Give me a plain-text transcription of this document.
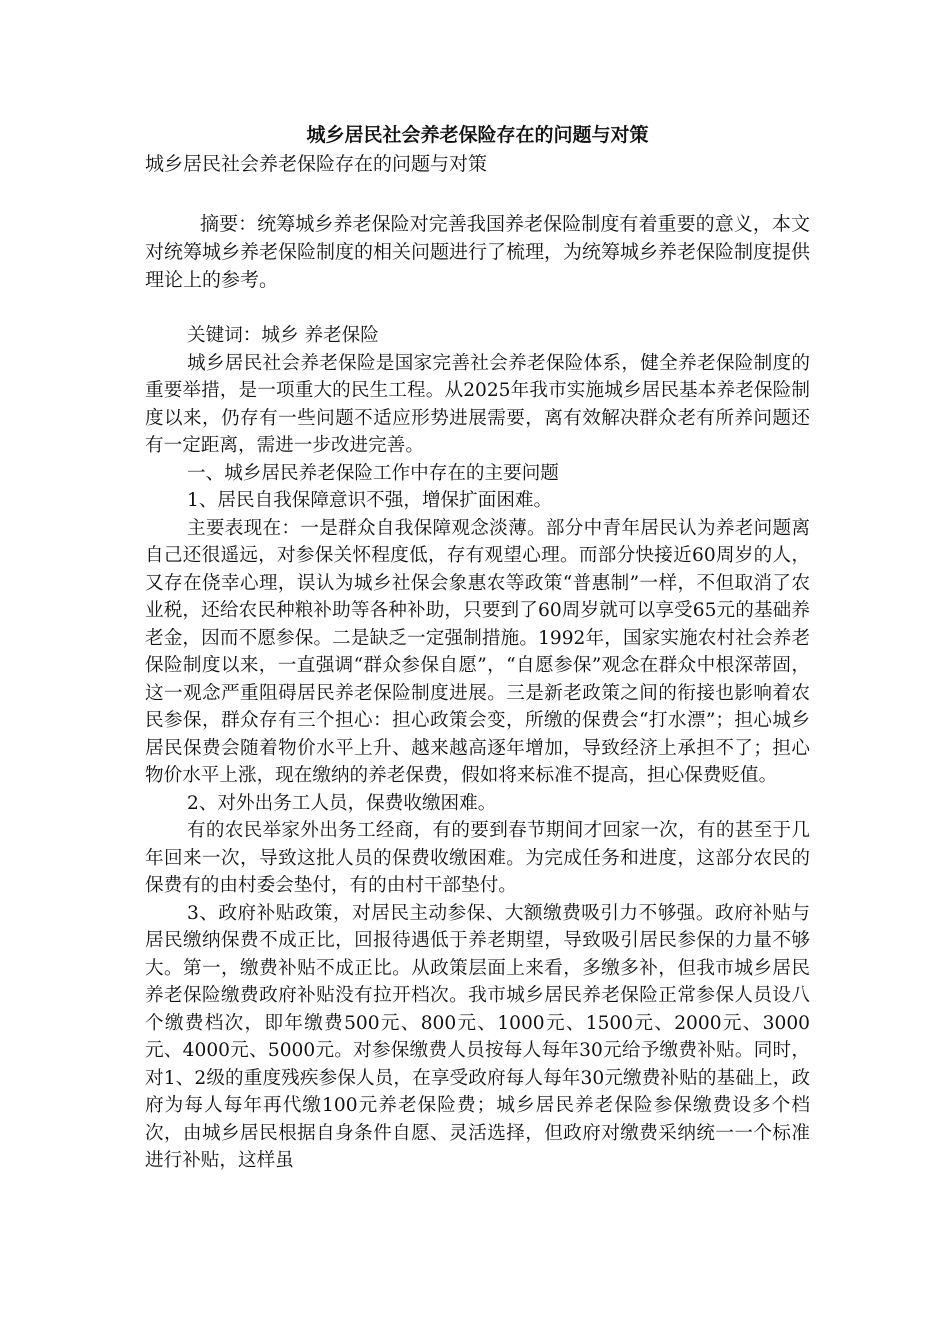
城乡居民社会养老保险存在的问题与对策

城乡居民社会养老保险存在的问题与对策

摘要：统筹城乡养老保险对完善我国养老保险制度有着重要的意义，本文对统筹城乡养老保险制度的相关问题进行了梳理，为统筹城乡养老保险制度提供理论上的参考。

关键词：城乡 养老保险

城乡居民社会养老保险是国家完善社会养老保险体系，健全养老保险制度的重要举措，是一项重大的民生工程。从2025年我市实施城乡居民基本养老保险制度以来，仍存有一些问题不适应形势进展需要，离有效解决群众老有所养问题还有一定距离，需进一步改进完善。

一、城乡居民养老保险工作中存在的主要问题

1、居民自我保障意识不强，增保扩面困难。

主要表现在：一是群众自我保障观念淡薄。部分中青年居民认为养老问题离自己还很遥远，对参保关怀程度低，存有观望心理。而部分快接近60周岁的人，又存在侥幸心理，误认为城乡社保会象惠农等政策“普惠制”一样，不但取消了农业税，还给农民种粮补助等各种补助，只要到了60周岁就可以享受65元的基础养老金，因而不愿参保。二是缺乏一定强制措施。1992年，国家实施农村社会养老保险制度以来，一直强调“群众参保自愿”，“自愿参保”观念在群众中根深蒂固，这一观念严重阻碍居民养老保险制度进展。三是新老政策之间的衔接也影响着农民参保，群众存有三个担心：担心政策会变，所缴的保费会“打水漂”；担心城乡居民保费会随着物价水平上升、越来越高逐年增加，导致经济上承担不了；担心物价水平上涨，现在缴纳的养老保费，假如将来标准不提高，担心保费贬值。

2、对外出务工人员，保费收缴困难。

有的农民举家外出务工经商，有的要到春节期间才回家一次，有的甚至于几年回来一次，导致这批人员的保费收缴困难。为完成任务和进度，这部分农民的保费有的由村委会垫付，有的由村干部垫付。

3、政府补贴政策，对居民主动参保、大额缴费吸引力不够强。政府补贴与居民缴纳保费不成正比，回报待遇低于养老期望，导致吸引居民参保的力量不够大。第一，缴费补贴不成正比。从政策层面上来看，多缴多补，但我市城乡居民养老保险缴费政府补贴没有拉开档次。我市城乡居民养老保险正常参保人员设八个缴费档次，即年缴费500元、800元、1000元、1500元、2000元、3000元、4000元、5000元。对参保缴费人员按每人每年30元给予缴费补贴。同时，对1、2级的重度残疾参保人员，在享受政府每人每年30元缴费补贴的基础上，政府为每人每年再代缴100元养老保险费；城乡居民养老保险参保缴费设多个档次，由城乡居民根据自身条件自愿、灵活选择，但政府对缴费采纳统一一个标准进行补贴，这样虽
